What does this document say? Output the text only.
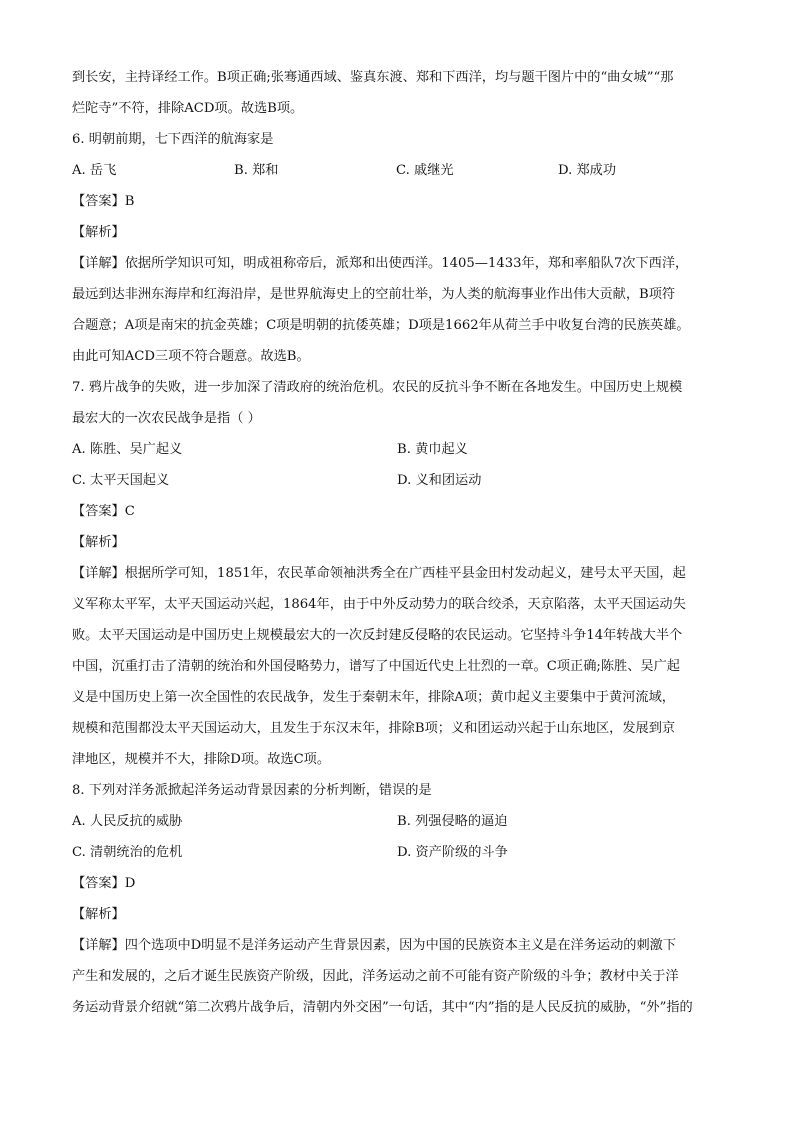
到长安，主持译经工作。B项正确;张骞通西域、鉴真东渡、郑和下西洋，均与题干图片中的“曲女城”“那
烂陀寺”不符，排除ACD项。故选B项。
6. 明朝前期，七下西洋的航海家是
A. 岳飞	B. 郑和	C. 戚继光	D. 郑成功
【答案】B
【解析】
【详解】依据所学知识可知，明成祖称帝后，派郑和出使西洋。1405—1433年，郑和率船队7次下西洋，
最远到达非洲东海岸和红海沿岸，是世界航海史上的空前壮举，为人类的航海事业作出伟大贡献，B项符
合题意；A项是南宋的抗金英雄；C项是明朝的抗倭英雄；D项是1662年从荷兰手中收复台湾的民族英雄。
由此可知ACD三项不符合题意。故选B。
7. 鸦片战争的失败，进一步加深了清政府的统治危机。农民的反抗斗争不断在各地发生。中国历史上规模
最宏大的一次农民战争是指（ ）
A. 陈胜、吴广起义	B. 黄巾起义
C. 太平天国起义	D. 义和团运动
【答案】C
【解析】
【详解】根据所学可知，1851年，农民革命领袖洪秀全在广西桂平县金田村发动起义，建号太平天国，起
义军称太平军，太平天国运动兴起，1864年，由于中外反动势力的联合绞杀，天京陷落，太平天国运动失
败。太平天国运动是中国历史上规模最宏大的一次反封建反侵略的农民运动。它坚持斗争14年转战大半个
中国，沉重打击了清朝的统治和外国侵略势力，谱写了中国近代史上壮烈的一章。C项正确;陈胜、吴广起
义是中国历史上第一次全国性的农民战争，发生于秦朝末年，排除A项；黄巾起义主要集中于黄河流域，
规模和范围都没太平天国运动大，且发生于东汉末年，排除B项；义和团运动兴起于山东地区，发展到京
津地区，规模并不大，排除D项。故选C项。
8. 下列对洋务派掀起洋务运动背景因素的分析判断，错误的是
A. 人民反抗的威胁	B. 列强侵略的逼迫
C. 清朝统治的危机	D. 资产阶级的斗争
【答案】D
【解析】
【详解】四个选项中D明显不是洋务运动产生背景因素，因为中国的民族资本主义是在洋务运动的刺激下
产生和发展的，之后才诞生民族资产阶级，因此，洋务运动之前不可能有资产阶级的斗争；教材中关于洋
务运动背景介绍就“第二次鸦片战争后，清朝内外交困”一句话，其中“内”指的是人民反抗的威胁，“外”指的
